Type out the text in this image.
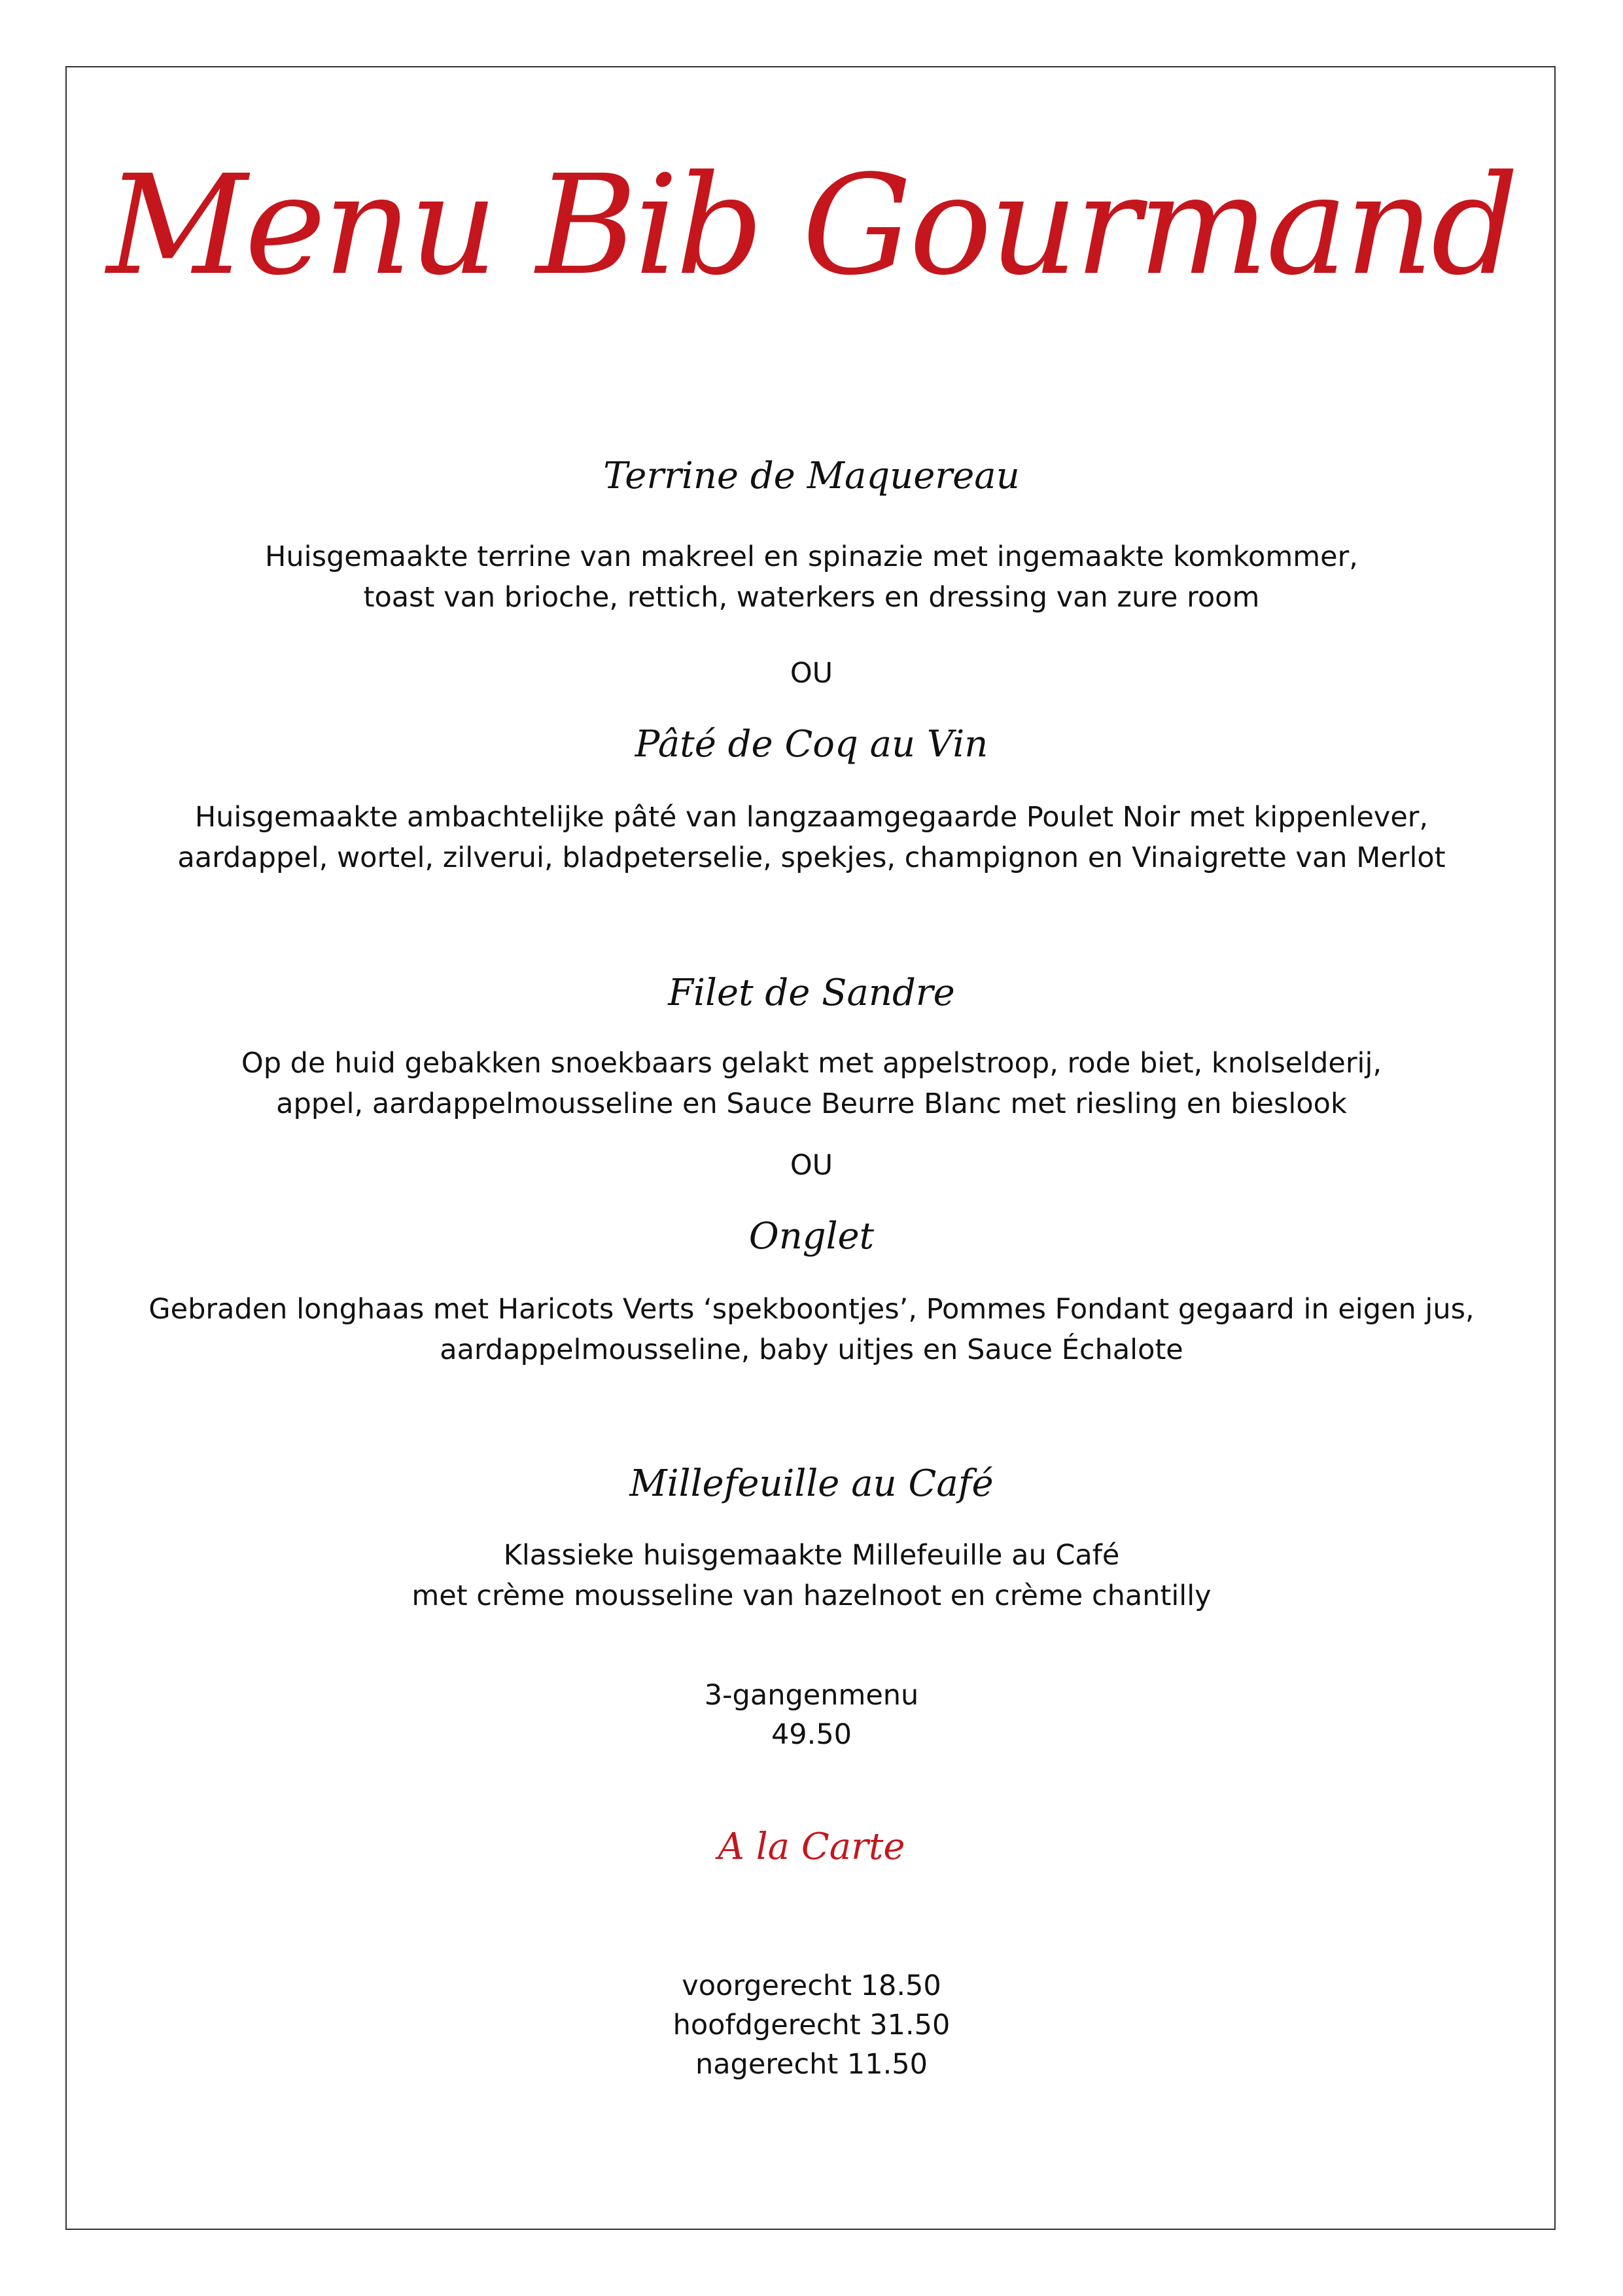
Menu Bib Gourmand
Terrine de Maquereau
Huisgemaakte terrine van makreel en spinazie met ingemaakte komkommer,
toast van brioche, rettich, waterkers en dressing van zure room
OU
Pâté de Coq au Vin
Huisgemaakte ambachtelijke pâté van langzaamgegaarde Poulet Noir met kippenlever,
aardappel, wortel, zilverui, bladpeterselie, spekjes, champignon en Vinaigrette van Merlot
Filet de Sandre
Op de huid gebakken snoekbaars gelakt met appelstroop, rode biet, knolselderij,
appel, aardappelmousseline en Sauce Beurre Blanc met riesling en bieslook
OU
Onglet
Gebraden longhaas met Haricots Verts ‘spekboontjes’, Pommes Fondant gegaard in eigen jus,
aardappelmousseline, baby uitjes en Sauce Échalote
Millefeuille au Café
Klassieke huisgemaakte Millefeuille au Café
met crème mousseline van hazelnoot en crème chantilly
3-gangenmenu
49.50
A la Carte
voorgerecht 18.50
hoofdgerecht 31.50
nagerecht 11.50
